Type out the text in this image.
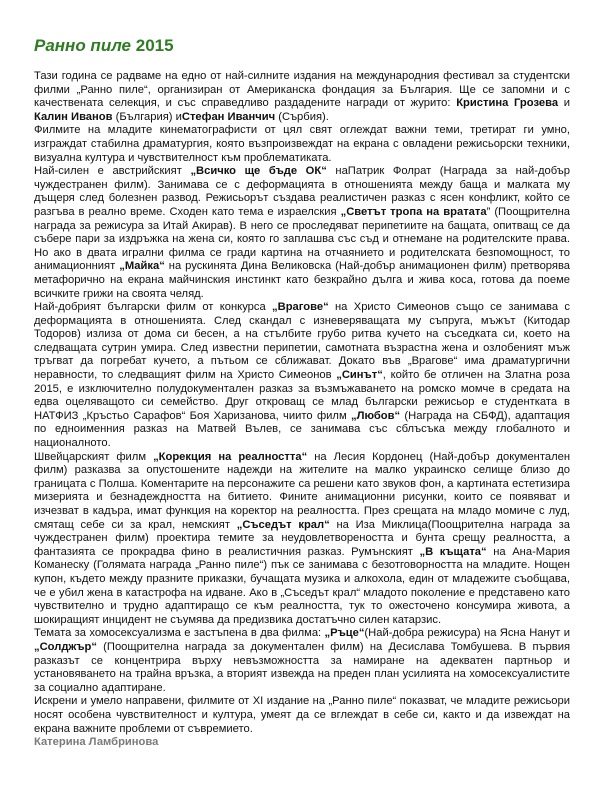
Ранно пиле 2015

Тази година се радваме на едно от най-силните издания на международния фестивал за студентски филми „Ранно пиле“, организиран от Американска фондация за България. Ще се запомни и с качествената селекция, и със справедливо раздадените награди от журито: Кристина Грозева и Калин Иванов (България) иСтефан Иванчич (Сърбия).

Филмите на младите кинематографисти от цял свят оглеждат важни теми, третират ги умно, изграждат стабилна драматургия, която възпроизвеждат на екрана с овладени режисьорски техники, визуална култура и чувствителност към проблематиката.

Най-силен е австрийският „Всичко ще бъде ОК“ наПатрик Фолрат (Награда за най-добър чуждестранен филм). Занимава се с деформацията в отношенията между баща и малката му дъщеря след болезнен развод. Режисьорът създава реалистичен разказ с ясен конфликт, който се разгъва в реално време. Сходен като тема е израелския „Светът тропа на вратата” (Поощрителна награда за режисура за Итай Акирав). В него се проследяват перипетиите на бащата, опитващ се да събере пари за издръжка на жена си, която го заплашва със съд и отнемане на родителските права. Но ако в двата игрални филма се гради картина на отчаянието и родителската безпомощност, то анимационният „Майка“ на рускинята Дина Великовска (Най-добър анимационен филм) претворява метафорично на екрана майчинския инстинкт като безкрайно дълга и жива коса, готова да поеме всичките грижи на своята челяд.

Най-добрият български филм от конкурса „Врагове“ на Христо Симеонов също се занимава с деформацията в отношенията. След скандал с изневеряващата му съпруга, мъжът (Китодар Тодоров) излиза от дома си бесен, а на стълбите грубо ритва кучето на съседката си, което на следващата сутрин умира. След известни перипетии, самотната възрастна жена и озлобеният мъж тръгват да погребат кучето, а пътьом се сближават. Докато във „Врагове“ има драматургични неравности, то следващият филм на Христо Симеонов „Синът“, който бе отличен на Златна роза 2015, е изключително полудокументален разказ за възмъжаването на ромско момче в средата на едва оцеляващото си семейство. Друг откроващ се млад български режисьор е студентката в НАТФИЗ „Кръстьо Сарафов“ Боя Харизанова, чиито филм „Любов“ (Награда на СБФД), адаптация по едноименния разказ на Матвей Вълев, се занимава със сблъсъка между глобалното и националното.

Швейцарският филм „Корекция на реалността“ на Лесия Кордонец (Най-добър документален филм) разказва за опустошените надежди на жителите на малко украинско селище близо до границата с Полша. Коментарите на персонажите са решени като звуков фон, а картината естетизира мизерията и безнадеждността на битието. Фините анимационни рисунки, които се появяват и изчезват в кадъра, имат функция на коректор на реалността. През срещата на младо момиче с луд, смятащ себе си за крал, немският „Съседът крал“ на Иза Миклица(Поощрителна награда за чуждестранен филм) проектира темите за неудовлетвореността и бунта срещу реалността, а фантазията се прокрадва фино в реалистичния разказ. Румънският „В къщата“ на Ана-Мария Команеску (Голямата награда „Ранно пиле“) пък се занимава с безотговорността на младите. Нощен купон, където между празните приказки, бучащата музика и алкохола, един от младежите съобщава, че е убил жена в катастрофа на идване. Ако в „Съседът крал“ младото поколение е представено като чувствително и трудно адаптиращо се към реалността, тук то ожесточено консумира живота, а шокиращият инцидент не съумява да предизвика достатъчно силен катарзис.

Темата за хомосексуализма е застъпена в два филма: „Ръце“(Най-добра режисура) на Ясна Нанут и „Солджър“ (Поощрителна награда за документален филм) на Десислава Томбушева. В първия разказът се концентрира върху невъзможността за намиране на адекватен партньор и установяването на трайна връзка, а вторият извежда на преден план усилията на хомосексуалистите за социално адаптиране.

Искрени и умело направени, филмите от XI издание на „Ранно пиле“ показват, че младите режисьори носят особена чувствителност и култура, умеят да се вглеждат в себе си, както и да извеждат на екрана важните проблеми от съвремието.

Катерина Ламбринова
